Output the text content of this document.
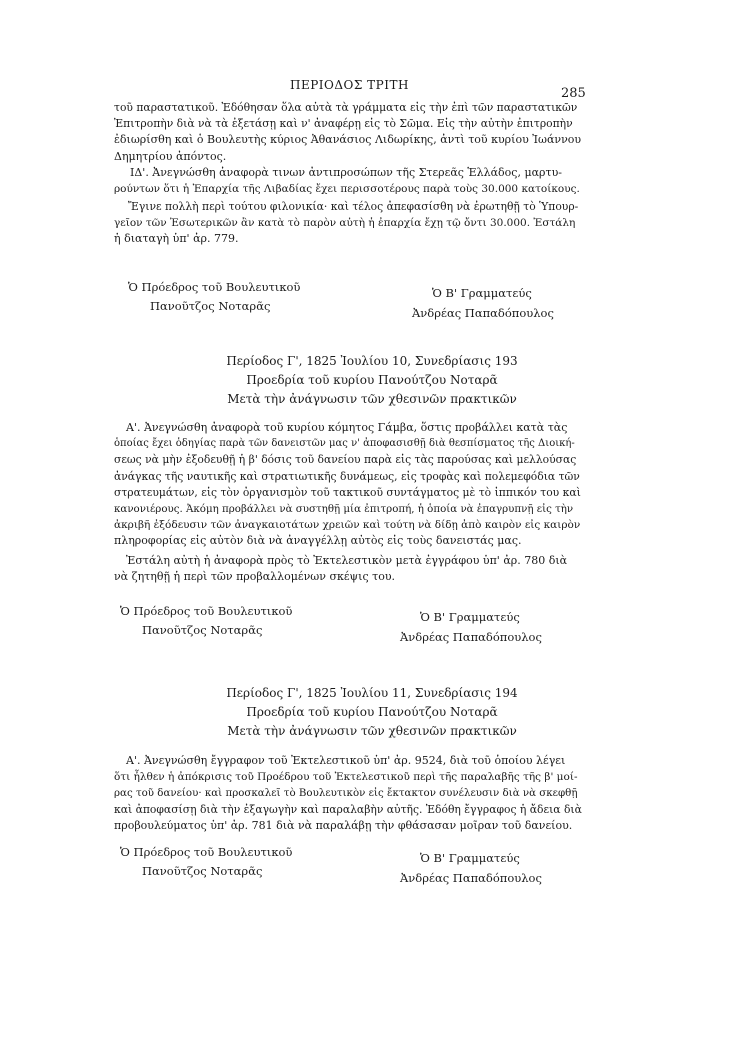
ΠΕΡΙΟΔΟΣ ΤΡΙΤΗ
285
τοῦ παραστατικοῦ. Ἐδόθησαν ὅλα αὐτὰ τὰ γράμματα εἰς τὴν ἐπὶ τῶν παραστατικῶν
Ἐπιτροπὴν διὰ νὰ τὰ ἐξετάσῃ καὶ ν' ἀναφέρῃ εἰς τὸ Σῶμα. Εἰς τὴν αὐτὴν ἐπιτροπὴν
ἐδιωρίσθη καὶ ὁ Βουλευτὴς κύριος Ἀθανάσιος Λιδωρίκης, ἀντὶ τοῦ κυρίου Ἰωάννου
Δημητρίου ἀπόντος.
ΙΔ'. Ἀνεγνώσθη ἀναφορὰ τινων ἀντιπροσώπων τῆς Στερεᾶς Ἑλλάδος, μαρτυ-
ρούντων ὅτι ἡ Ἐπαρχία τῆς Λιβαδίας ἔχει περισσοτέρους παρὰ τοὺς 30.000 κατοίκους.
Ἔγινε πολλὴ περὶ τούτου φιλονικία· καὶ τέλος ἀπεφασίσθη νὰ ἐρωτηθῇ τὸ Ὑπουρ-
γεῖον τῶν Ἐσωτερικῶν ἂν κατὰ τὸ παρὸν αὐτὴ ἡ ἐπαρχία ἔχῃ τῷ ὄντι 30.000. Ἐστάλη
ἡ διαταγὴ ὑπ' ἀρ. 779.
Ὁ Πρόεδρος τοῦ Βουλευτικοῦ
Πανοῦτζος Νοταρᾶς
Ὁ Β' Γραμματεύς
Ἀνδρέας Παπαδόπουλος
Περίοδος Γ', 1825 Ἰουλίου 10, Συνεδρίασις 193
Προεδρία τοῦ κυρίου Πανούτζου Νοταρᾶ
Μετὰ τὴν ἀνάγνωσιν τῶν χθεσινῶν πρακτικῶν
Α'. Ἀνεγνώσθη ἀναφορὰ τοῦ κυρίου κόμητος Γάμβα, ὅστις προβάλλει κατὰ τὰς
ὁποίας ἔχει ὁδηγίας παρὰ τῶν δανειστῶν μας ν' ἀποφασισθῇ διὰ θεσπίσματος τῆς Διοική-
σεως νὰ μὴν ἐξοδευθῇ ἡ β' δόσις τοῦ δανείου παρὰ εἰς τὰς παρούσας καὶ μελλούσας
ἀνάγκας τῆς ναυτικῆς καὶ στρατιωτικῆς δυνάμεως, εἰς τροφὰς καὶ πολεμεφόδια τῶν
στρατευμάτων, εἰς τὸν ὀργανισμὸν τοῦ τακτικοῦ συντάγματος μὲ τὸ ἱππικόν του καὶ
κανονιέρους. Ἀκόμη προβάλλει νὰ συστηθῇ μία ἐπιτροπή, ἡ ὁποία νὰ ἐπαγρυπνῇ εἰς τὴν
ἀκριβῆ ἐξόδευσιν τῶν ἀναγκαιοτάτων χρειῶν καὶ τούτη νὰ δίδῃ ἀπὸ καιρὸν εἰς καιρὸν
πληροφορίας εἰς αὐτὸν διὰ νὰ ἀναγγέλλῃ αὐτὸς εἰς τοὺς δανειστάς μας.
Ἐστάλη αὐτὴ ἡ ἀναφορὰ πρὸς τὸ Ἐκτελεστικὸν μετὰ ἐγγράφου ὑπ' ἀρ. 780 διὰ
νὰ ζητηθῇ ἡ περὶ τῶν προβαλλομένων σκέψις του.
Ὁ Πρόεδρος τοῦ Βουλευτικοῦ
Πανοῦτζος Νοταρᾶς
Ὁ Β' Γραμματεύς
Ἀνδρέας Παπαδόπουλος
Περίοδος Γ', 1825 Ἰουλίου 11, Συνεδρίασις 194
Προεδρία τοῦ κυρίου Πανούτζου Νοταρᾶ
Μετὰ τὴν ἀνάγνωσιν τῶν χθεσινῶν πρακτικῶν
Α'. Ἀνεγνώσθη ἔγγραφον τοῦ Ἐκτελεστικοῦ ὑπ' ἀρ. 9524, διὰ τοῦ ὁποίου λέγει
ὅτι ἦλθεν ἡ ἀπόκρισις τοῦ Προέδρου τοῦ Ἐκτελεστικοῦ περὶ τῆς παραλαβῆς τῆς β' μοί-
ρας τοῦ δανείου· καὶ προσκαλεῖ τὸ Βουλευτικὸν εἰς ἔκτακτον συνέλευσιν διὰ νὰ σκεφθῇ
καὶ ἀποφασίσῃ διὰ τὴν ἐξαγωγὴν καὶ παραλαβὴν αὐτῆς. Ἐδόθη ἔγγραφος ἡ ἄδεια διὰ
προβουλεύματος ὑπ' ἀρ. 781 διὰ νὰ παραλάβῃ τὴν φθάσασαν μοῖραν τοῦ δανείου.
Ὁ Πρόεδρος τοῦ Βουλευτικοῦ
Πανοῦτζος Νοταρᾶς
Ὁ Β' Γραμματεύς
Ἀνδρέας Παπαδόπουλος
